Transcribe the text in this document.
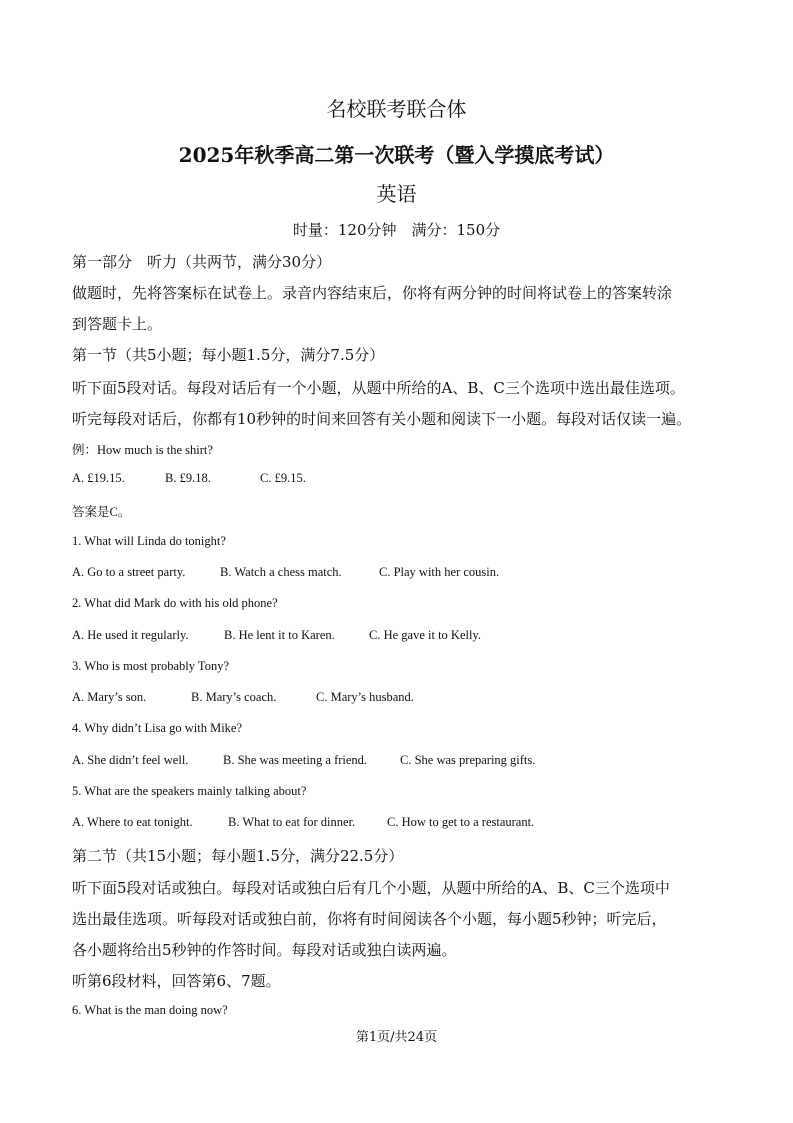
名校联考联合体
2025年秋季高二第一次联考（暨入学摸底考试）
英语
时量：120分钟　满分：150分
第一部分　听力（共两节，满分30分）
做题时，先将答案标在试卷上。录音内容结束后，你将有两分钟的时间将试卷上的答案转涂
到答题卡上。
第一节（共5小题；每小题1.5分，满分7.5分）
听下面5段对话。每段对话后有一个小题，从题中所给的A、B、C三个选项中选出最佳选项。
听完每段对话后，你都有10秒钟的时间来回答有关小题和阅读下一小题。每段对话仅读一遍。
例：How much is the shirt?
A. £19.15.	B. £9.18.	C. £9.15.
答案是C。
1. What will Linda do tonight?
A. Go to a street party.	B. Watch a chess match.	C. Play with her cousin.
2. What did Mark do with his old phone?
A. He used it regularly.	B. He lent it to Karen.	C. He gave it to Kelly.
3. Who is most probably Tony?
A. Mary’s son.	B. Mary’s coach.	C. Mary’s husband.
4. Why didn’t Lisa go with Mike?
A. She didn’t feel well.	B. She was meeting a friend.	C. She was preparing gifts.
5. What are the speakers mainly talking about?
A. Where to eat tonight.	B. What to eat for dinner.	C. How to get to a restaurant.
第二节（共15小题；每小题1.5分，满分22.5分）
听下面5段对话或独白。每段对话或独白后有几个小题，从题中所给的A、B、C三个选项中
选出最佳选项。听每段对话或独白前，你将有时间阅读各个小题，每小题5秒钟；听完后，
各小题将给出5秒钟的作答时间。每段对话或独白读两遍。
听第6段材料，回答第6、7题。
6. What is the man doing now?
第1页/共24页
